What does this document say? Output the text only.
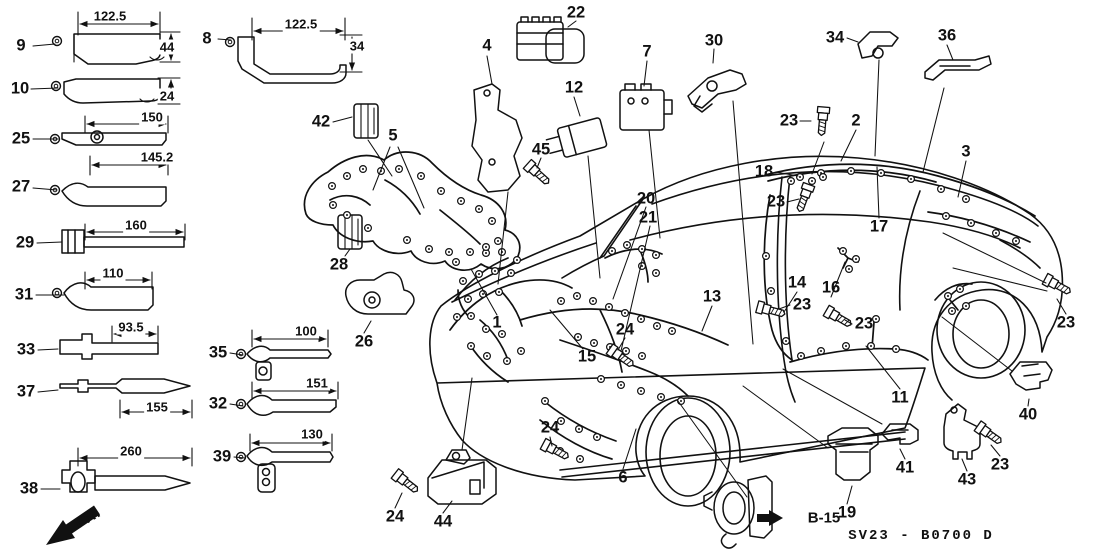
FR.	B-15
SV23 - B0700 D
9
10
25
27
29
31
33
37
38
8
35
32
39
42
5
28
26
4
45
22
12
7
30	34	36
23	2
18
23
3
20
21	17
14 16
23
23
13
24
15
1	23
40
11
23
43
41
19
6
24
44
24
122.5
44
24
150
145.2
160
110
93.5
155
260
122.5
34
100
151
130
